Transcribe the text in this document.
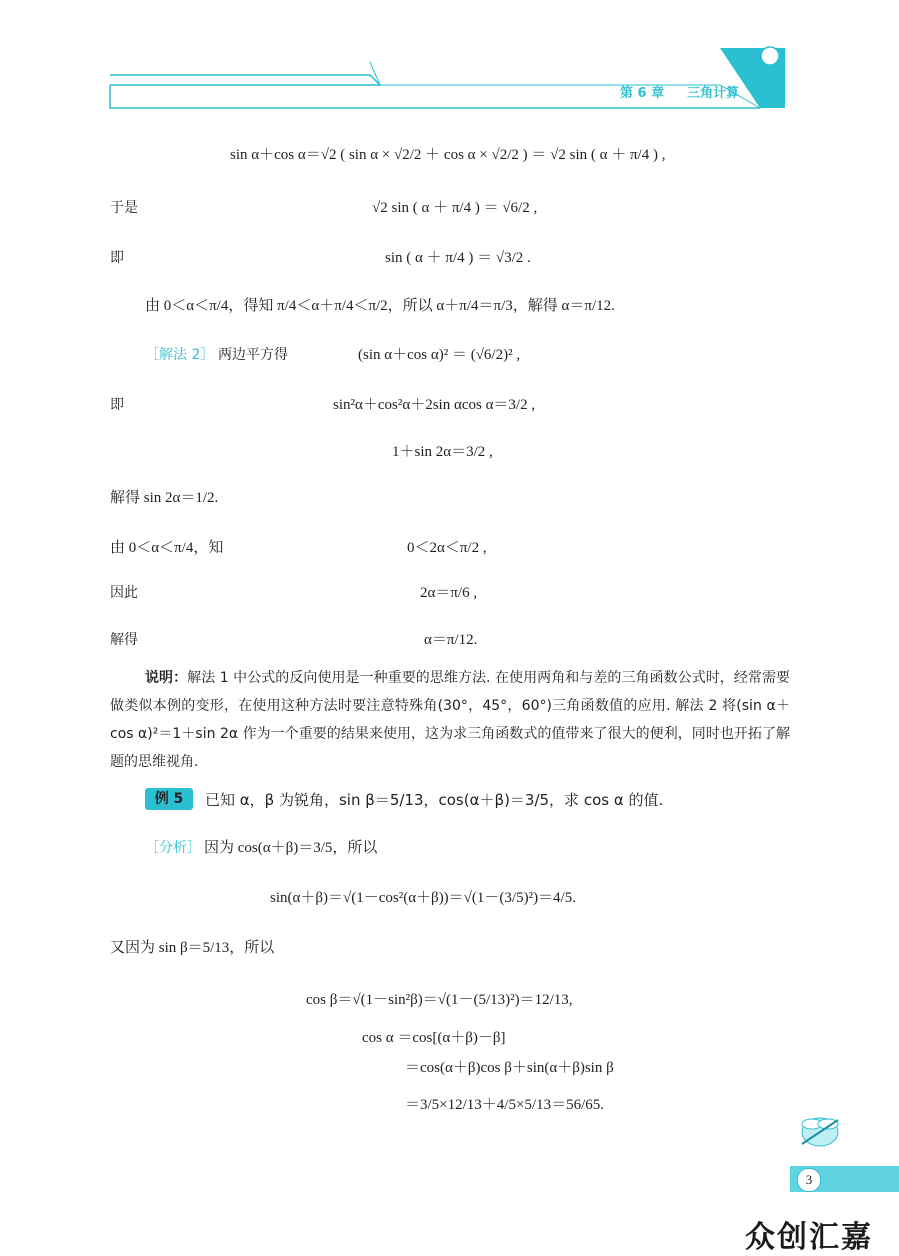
第 6 章 三角计算
sin α＋cos α＝√2 ( sin α × √2/2 ＋ cos α × √2/2 ) ＝ √2 sin ( α ＋ π/4 ) ,
于是	√2 sin ( α ＋ π/4 ) ＝ √6/2 ,
即	sin ( α ＋ π/4 ) ＝ √3/2 .
由 0＜α＜π/4，得知 π/4＜α＋π/4＜π/2，所以 α＋π/4＝π/3，解得 α＝π/12.
［解法 2］ 两边平方得	(sin α＋cos α)² ＝ (√6/2)² ,
即	sin²α＋cos²α＋2sin αcos α＝3/2 ,
1＋sin 2α＝3/2 ,
解得 sin 2α＝1/2.
由 0＜α＜π/4，知	0＜2α＜π/2 ,
因此	2α＝π/6 ,
解得	α＝π/12.
说明：解法 1 中公式的反向使用是一种重要的思维方法. 在使用两角和与差的三角函数公式时，经常需要做类似本例的变形，在使用这种方法时要注意特殊角(30°，45°，60°)三角函数值的应用. 解法 2 将(sin α＋cos α)²＝1＋sin 2α 作为一个重要的结果来使用，这为求三角函数式的值带来了很大的便利，同时也开拓了解题的思维视角.
例 5	已知 α，β 为锐角，sin β＝5/13，cos(α＋β)＝3/5，求 cos α 的值.
［分析］ 因为 cos(α＋β)＝3/5，所以
sin(α＋β)＝√(1－cos²(α＋β))＝√(1－(3/5)²)＝4/5.
又因为 sin β＝5/13，所以
cos β＝√(1－sin²β)＝√(1－(5/13)²)＝12/13,
cos α ＝cos[(α＋β)－β]
＝cos(α＋β)cos β＋sin(α＋β)sin β
＝3/5×12/13＋4/5×5/13＝56/65.
3
众创汇嘉
